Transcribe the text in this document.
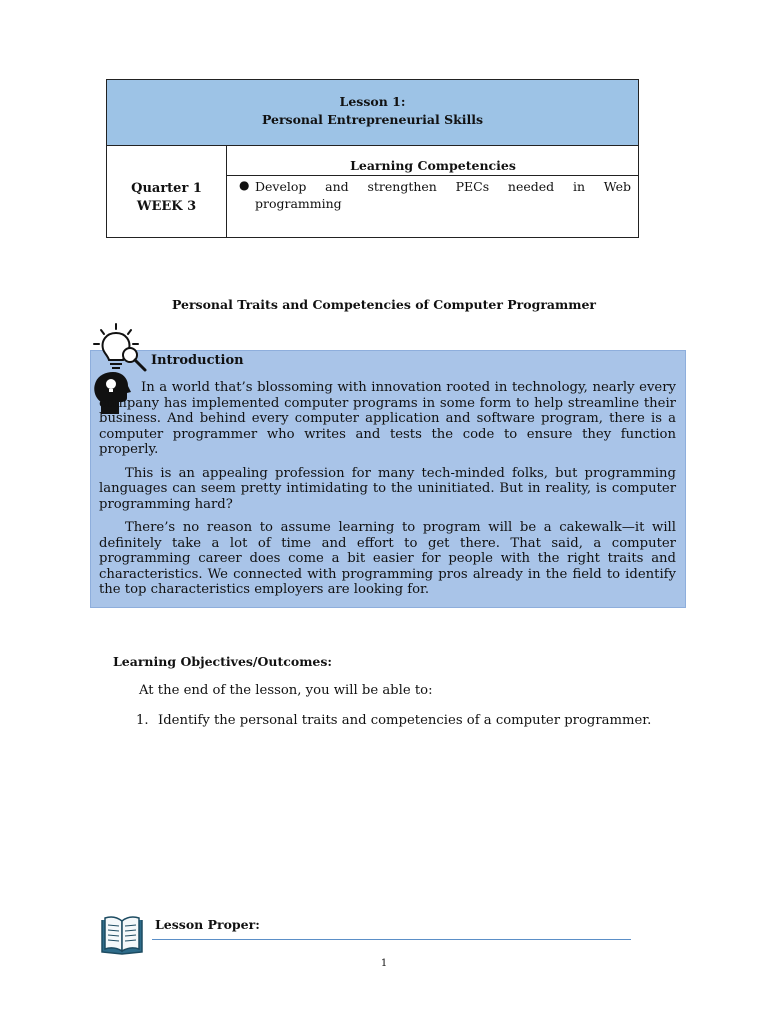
Lesson 1:
Personal Entrepreneurial Skills
Quarter 1
WEEK 3
Learning Competencies
● Develop and strengthen PECs needed in Web programming
Personal Traits and Competencies of Computer Programmer
Introduction

In a world that’s blossoming with innovation rooted in technology, nearly every company has implemented computer programs in some form to help streamline their business. And behind every computer application and software program, there is a computer programmer who writes and tests the code to ensure they function properly.

This is an appealing profession for many tech-minded folks, but programming languages can seem pretty intimidating to the uninitiated. But in reality, is computer programming hard?

There’s no reason to assume learning to program will be a cakewalk—it will definitely take a lot of time and effort to get there. That said, a computer programming career does come a bit easier for people with the right traits and characteristics. We connected with programming pros already in the field to identify the top characteristics employers are looking for.

Learning Objectives/Outcomes:
At the end of the lesson, you will be able to:
1. Identify the personal traits and competencies of a computer programmer.
Lesson Proper:
1
